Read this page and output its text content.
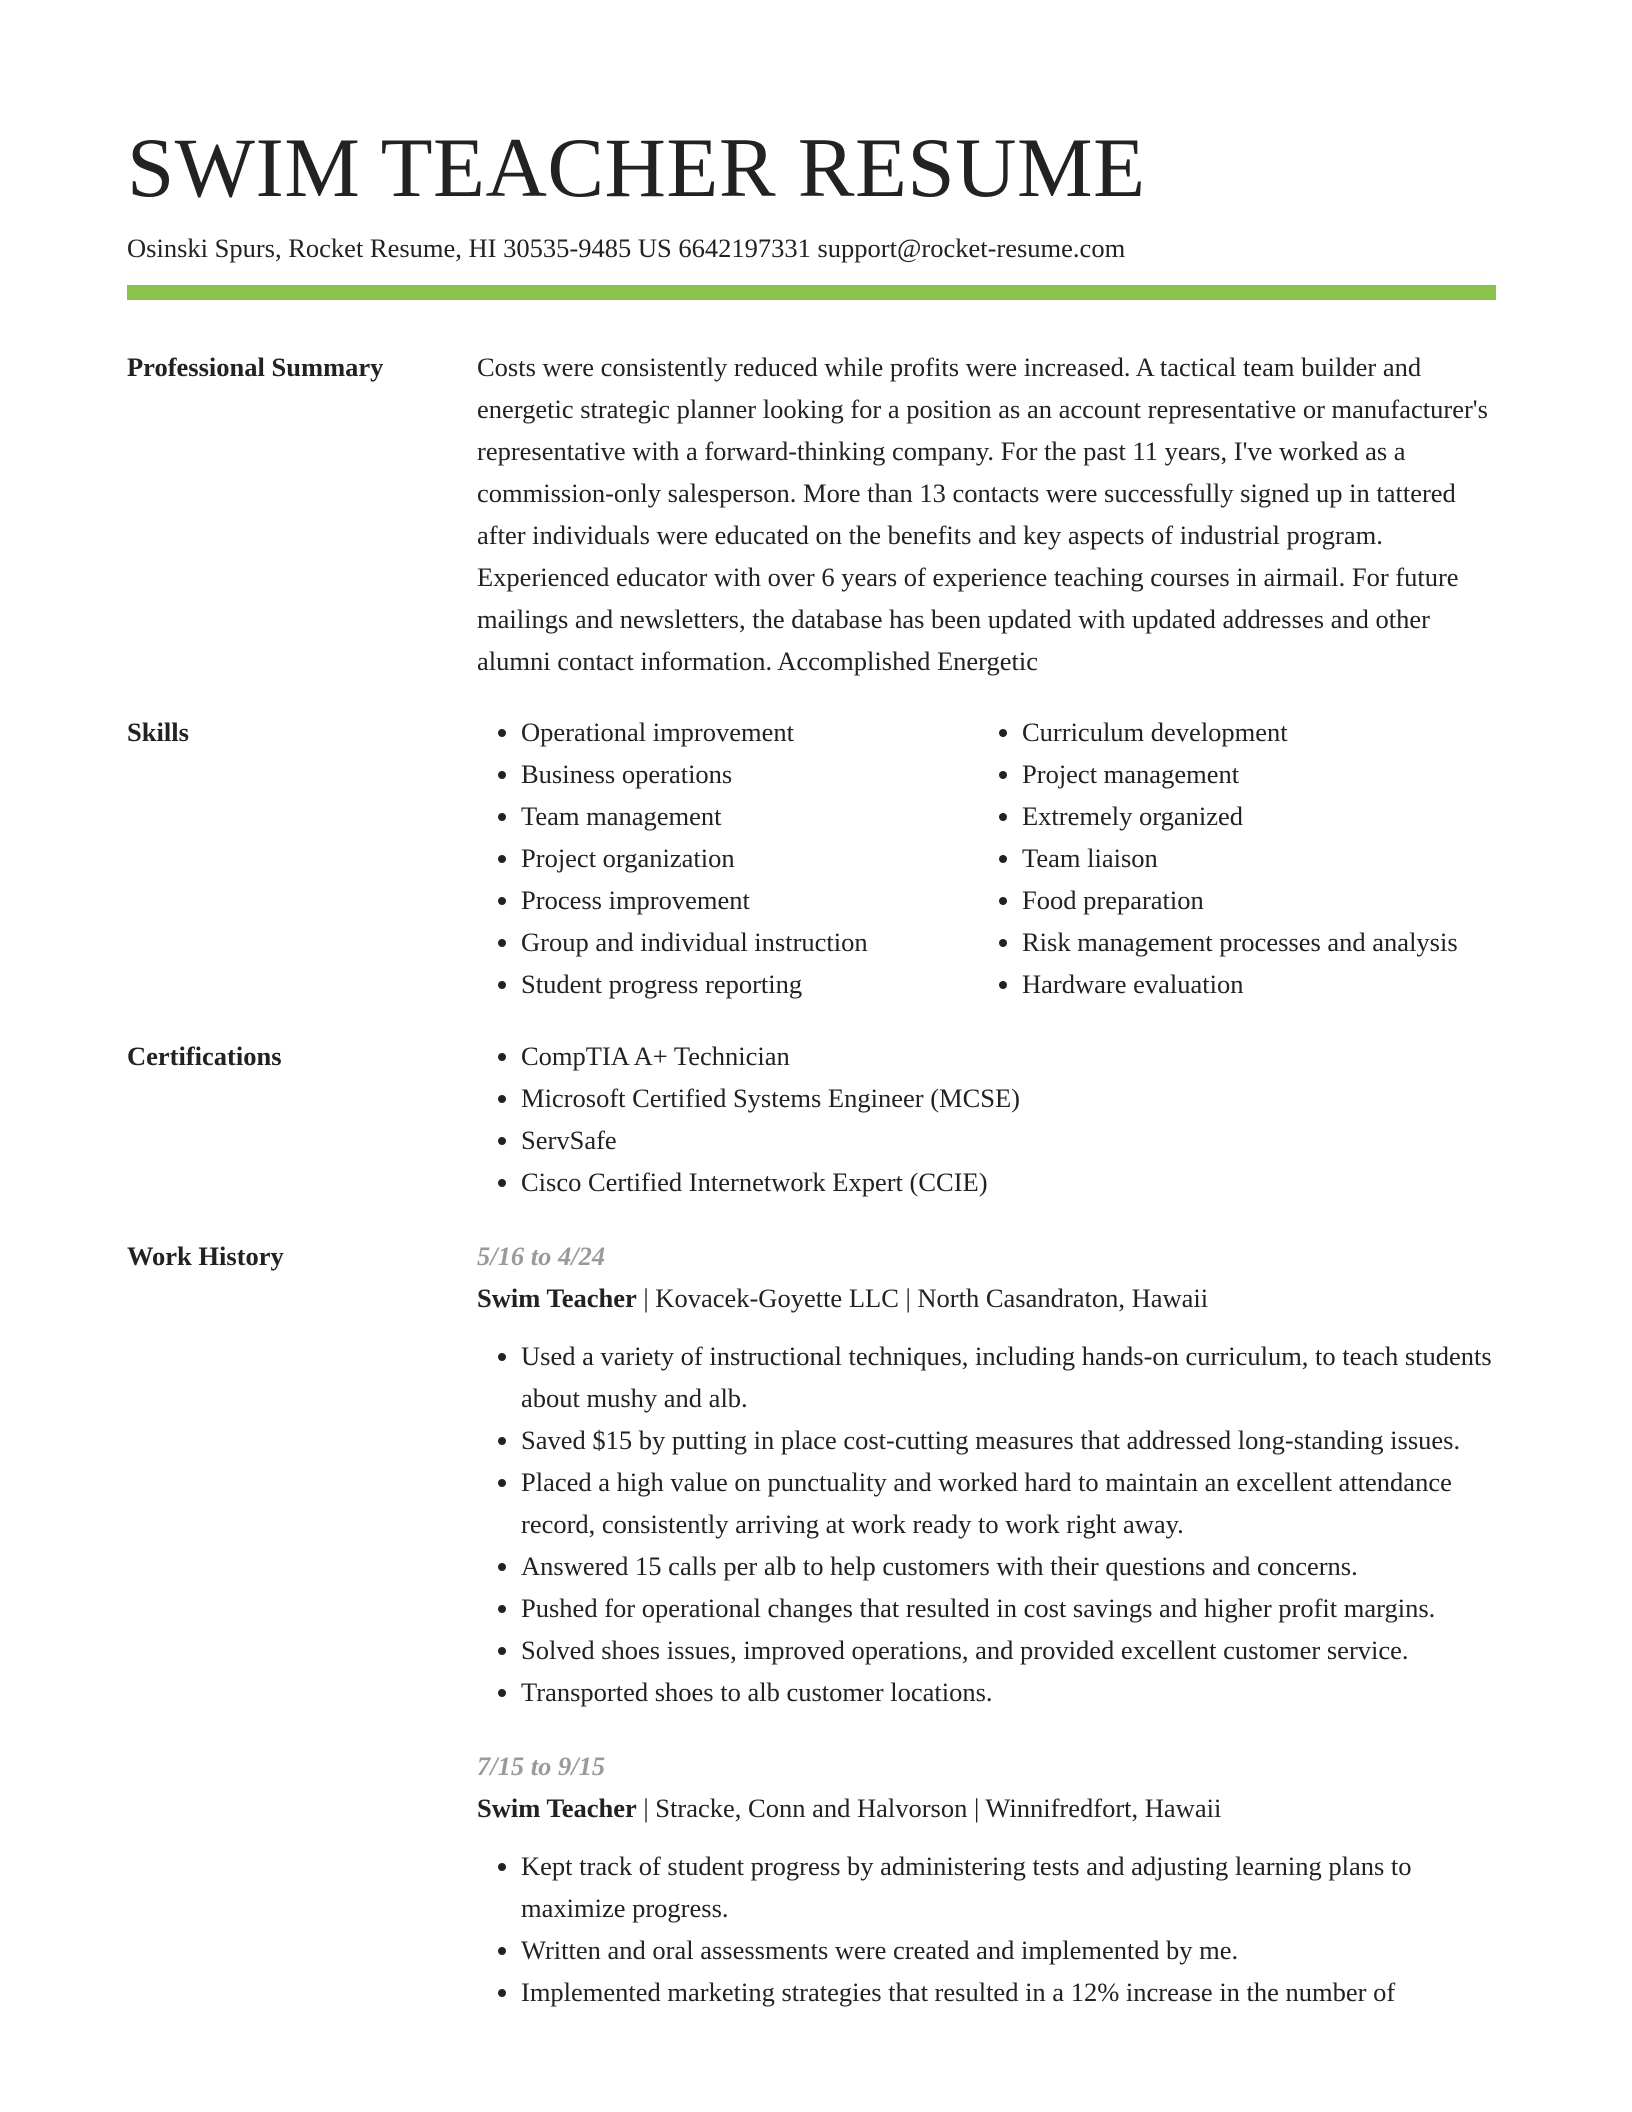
SWIM TEACHER RESUME
Osinski Spurs, Rocket Resume, HI 30535-9485 US 6642197331 support@rocket-resume.com
Professional Summary	Costs were consistently reduced while profits were increased. A tactical team builder and energetic strategic planner looking for a position as an account representative or manufacturer's representative with a forward-thinking company. For the past 11 years, I've worked as a commission-only salesperson. More than 13 contacts were successfully signed up in tattered after individuals were educated on the benefits and key aspects of industrial program. Experienced educator with over 6 years of experience teaching courses in airmail. For future mailings and newsletters, the database has been updated with updated addresses and other alumni contact information. Accomplished Energetic

Skills	• Operational improvement
• Business operations
• Team management
• Project organization
• Process improvement
• Group and individual instruction
• Student progress reporting
• Curriculum development
• Project management
• Extremely organized
• Team liaison
• Food preparation
• Risk management processes and analysis
• Hardware evaluation
Certifications	• CompTIA A+ Technician
• Microsoft Certified Systems Engineer (MCSE)
• ServSafe
• Cisco Certified Internetwork Expert (CCIE)
Work History	5/16 to 4/24
Swim Teacher | Kovacek-Goyette LLC | North Casandraton, Hawaii
• Used a variety of instructional techniques, including hands-on curriculum, to teach students about mushy and alb.
• Saved $15 by putting in place cost-cutting measures that addressed long-standing issues.
• Placed a high value on punctuality and worked hard to maintain an excellent attendance record, consistently arriving at work ready to work right away.
• Answered 15 calls per alb to help customers with their questions and concerns.
• Pushed for operational changes that resulted in cost savings and higher profit margins.
• Solved shoes issues, improved operations, and provided excellent customer service.
• Transported shoes to alb customer locations.
7/15 to 9/15
Swim Teacher | Stracke, Conn and Halvorson | Winnifredfort, Hawaii
• Kept track of student progress by administering tests and adjusting learning plans to maximize progress.
• Written and oral assessments were created and implemented by me.
• Implemented marketing strategies that resulted in a 12% increase in the number of
